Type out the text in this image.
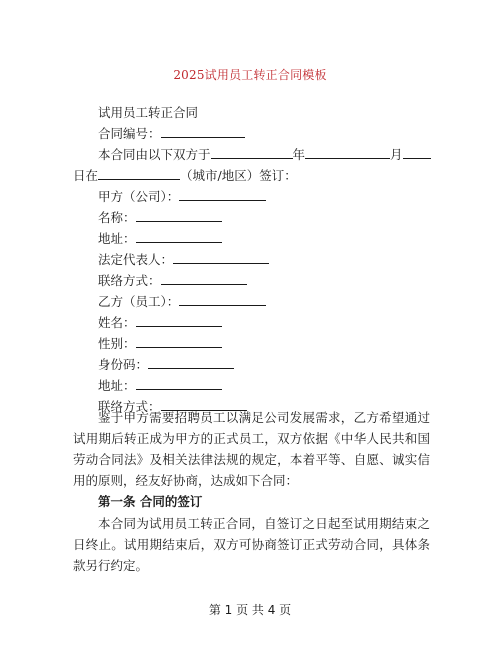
2025试用员工转正合同模板
试用员工转正合同
合同编号：
本合同由以下双方于	年	月
日在	（城市/地区）签订：
甲方（公司）：
名称：
地址：
法定代表人：
联络方式：
乙方（员工）：
姓名：
性别：
身份码：
地址：
联络方式：
鉴于甲方需要招聘员工以满足公司发展需求，乙方希望通过试用期后转正成为甲方的正式员工，双方依据《中华人民共和国劳动合同法》及相关法律法规的规定，本着平等、自愿、诚实信用的原则，经友好协商，达成如下合同：
第一条 合同的签订
本合同为试用员工转正合同，自签订之日起至试用期结束之日终止。试用期结束后，双方可协商签订正式劳动合同，具体条款另行约定。
第 1 页 共 4 页
